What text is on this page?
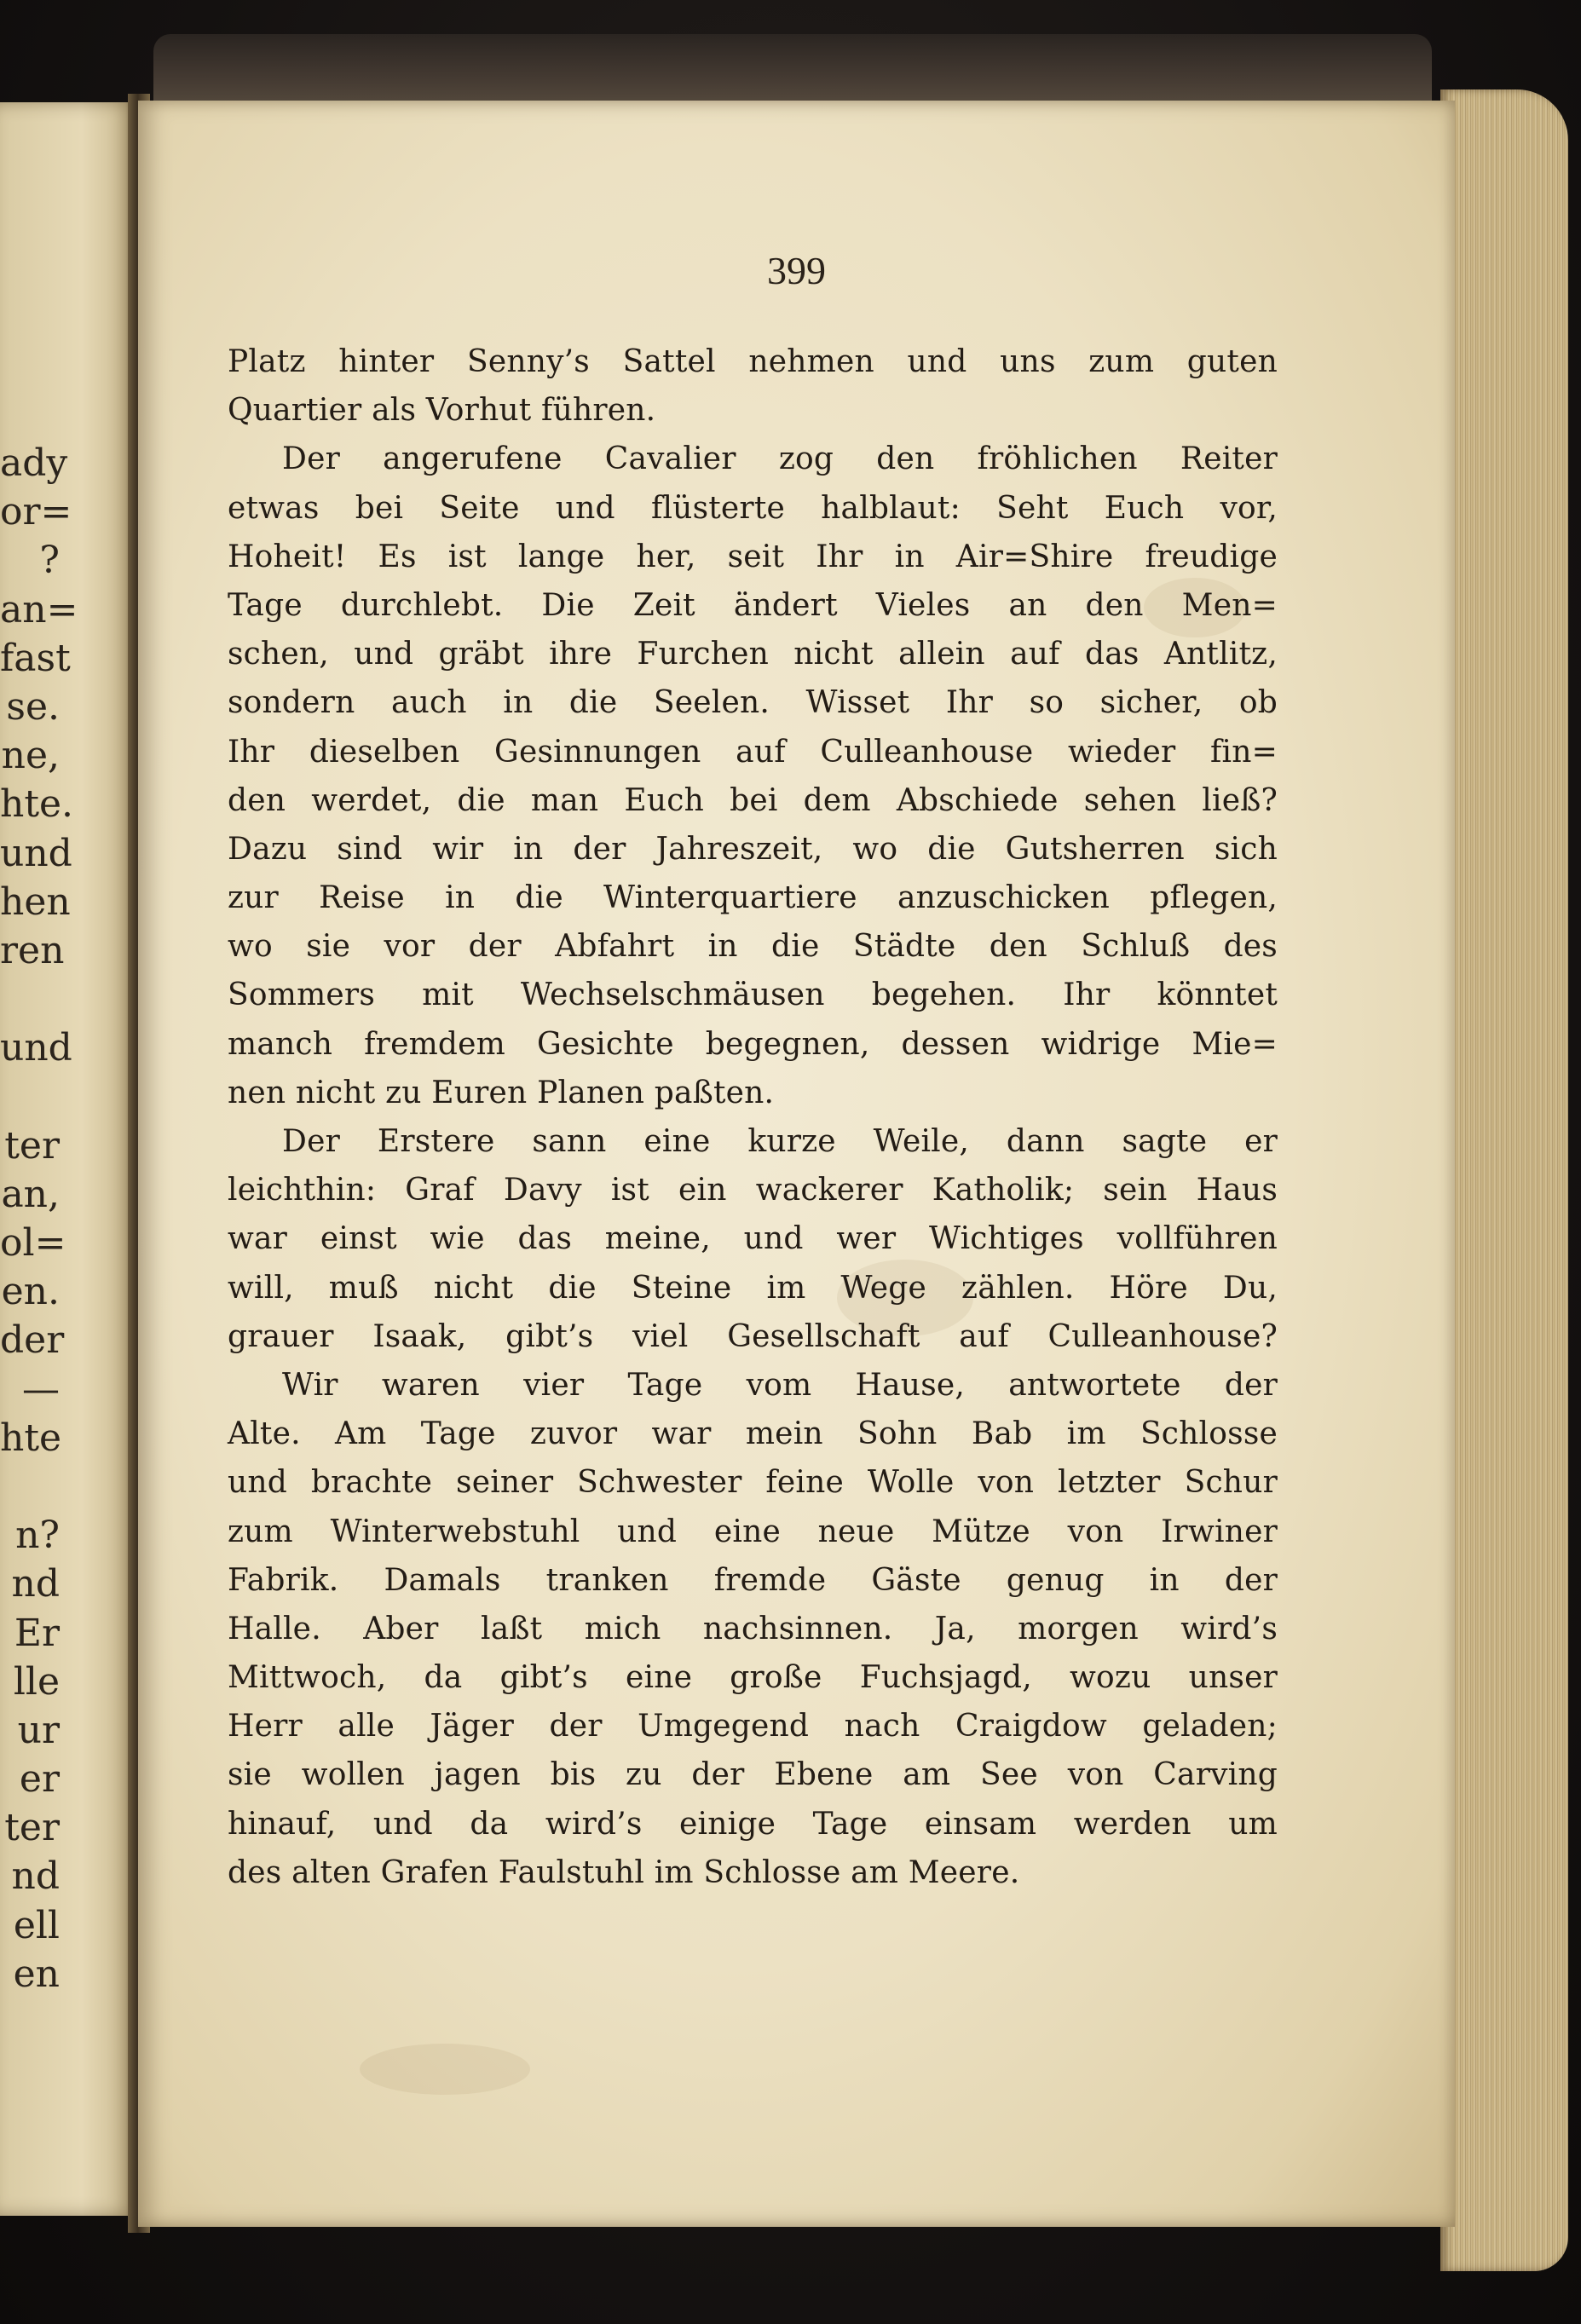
ady
or=
?
an=
fast
se.
ne,
hte.
und
hen
ren
und
ter
an,
ol=
en.
der
—
hte
n?
nd
Er
lle
ur
er
ter
nd
ell
en

399

Platz hinter Senny’s Sattel nehmen und uns zum guten
Quartier als Vorhut führen.
Der angerufene Cavalier zog den fröhlichen Reiter
etwas bei Seite und flüsterte halblaut: Seht Euch vor,
Hoheit! Es ist lange her, seit Ihr in Air=Shire freudige
Tage durchlebt. Die Zeit ändert Vieles an den Men=
schen, und gräbt ihre Furchen nicht allein auf das Antlitz,
sondern auch in die Seelen. Wisset Ihr so sicher, ob
Ihr dieselben Gesinnungen auf Culleanhouse wieder fin=
den werdet, die man Euch bei dem Abschiede sehen ließ?
Dazu sind wir in der Jahreszeit, wo die Gutsherren sich
zur Reise in die Winterquartiere anzuschicken pflegen,
wo sie vor der Abfahrt in die Städte den Schluß des
Sommers mit Wechselschmäusen begehen. Ihr könntet
manch fremdem Gesichte begegnen, dessen widrige Mie=
nen nicht zu Euren Planen paßten.
Der Erstere sann eine kurze Weile, dann sagte er
leichthin: Graf Davy ist ein wackerer Katholik; sein Haus
war einst wie das meine, und wer Wichtiges vollführen
will, muß nicht die Steine im Wege zählen. Höre Du,
grauer Isaak, gibt’s viel Gesellschaft auf Culleanhouse?
Wir waren vier Tage vom Hause, antwortete der
Alte. Am Tage zuvor war mein Sohn Bab im Schlosse
und brachte seiner Schwester feine Wolle von letzter Schur
zum Winterwebstuhl und eine neue Mütze von Irwiner
Fabrik. Damals tranken fremde Gäste genug in der
Halle. Aber laßt mich nachsinnen. Ja, morgen wird’s
Mittwoch, da gibt’s eine große Fuchsjagd, wozu unser
Herr alle Jäger der Umgegend nach Craigdow geladen;
sie wollen jagen bis zu der Ebene am See von Carving
hinauf, und da wird’s einige Tage einsam werden um
des alten Grafen Faulstuhl im Schlosse am Meere.
